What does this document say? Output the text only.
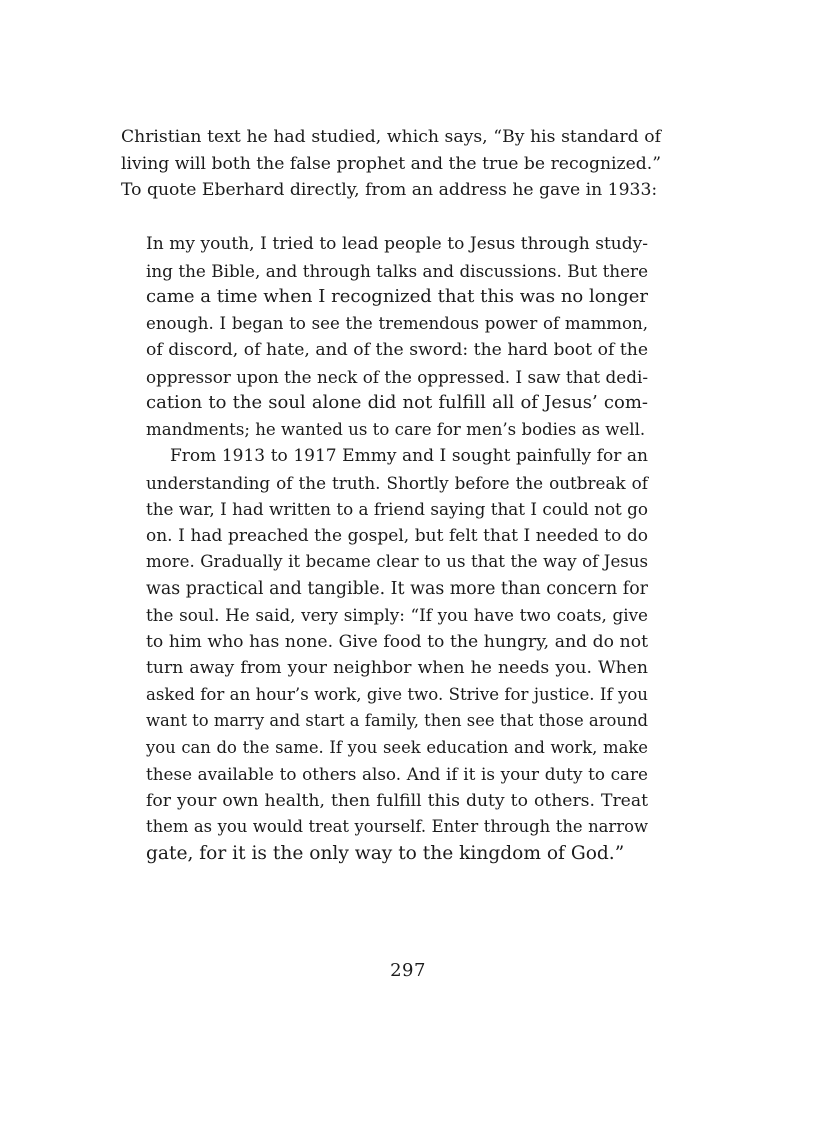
Christian text he had studied, which says, “By his standard of
living will both the false prophet and the true be recognized.”
To quote Eberhard directly, from an address he gave in 1933:
In my youth, I tried to lead people to Jesus through study-
ing the Bible, and through talks and discussions. But there
came a time when I recognized that this was no longer
enough. I began to see the tremendous power of mammon,
of discord, of hate, and of the sword: the hard boot of the
oppressor upon the neck of the oppressed. I saw that dedi-
cation to the soul alone did not fulfill all of Jesus’ com-
mandments; he wanted us to care for men’s bodies as well.
From 1913 to 1917 Emmy and I sought painfully for an
understanding of the truth. Shortly before the outbreak of
the war, I had written to a friend saying that I could not go
on. I had preached the gospel, but felt that I needed to do
more. Gradually it became clear to us that the way of Jesus
was practical and tangible. It was more than concern for
the soul. He said, very simply: “If you have two coats, give
to him who has none. Give food to the hungry, and do not
turn away from your neighbor when he needs you. When
asked for an hour’s work, give two. Strive for justice. If you
want to marry and start a family, then see that those around
you can do the same. If you seek education and work, make
these available to others also. And if it is your duty to care
for your own health, then fulfill this duty to others. Treat
them as you would treat yourself. Enter through the narrow
gate, for it is the only way to the kingdom of God.”
297
